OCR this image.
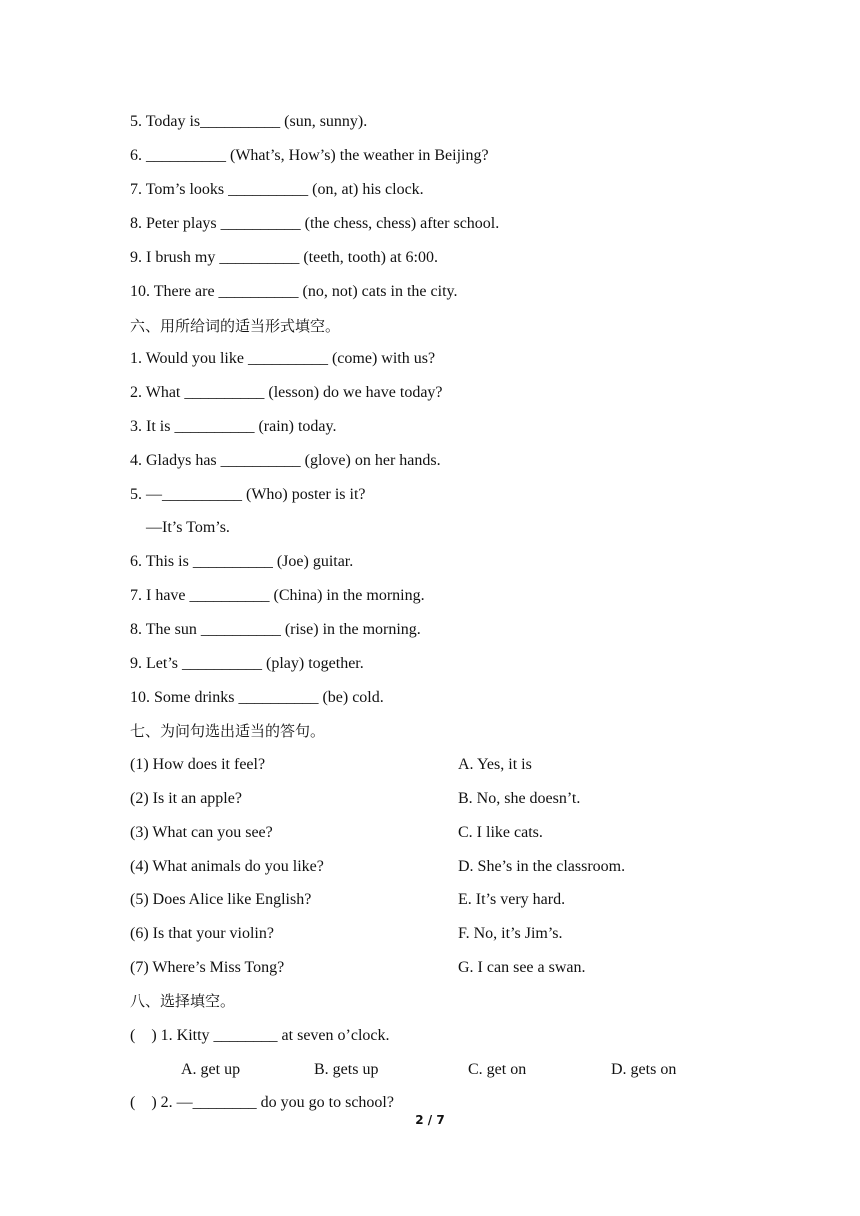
5. Today is__________ (sun, sunny).
6. __________ (What’s, How’s) the weather in Beijing?
7. Tom’s looks __________ (on, at) his clock.
8. Peter plays __________ (the chess, chess) after school.
9. I brush my __________ (teeth, tooth) at 6:00.
10. There are __________ (no, not) cats in the city.
六、用所给词的适当形式填空。
1. Would you like __________ (come) with us?
2. What __________ (lesson) do we have today?
3. It is __________ (rain) today.
4. Gladys has __________ (glove) on her hands.
5. —__________ (Who) poster is it?
—It’s Tom’s.
6. This is __________ (Joe) guitar.
7. I have __________ (China) in the morning.
8. The sun __________ (rise) in the morning.
9. Let’s __________ (play) together.
10. Some drinks __________ (be) cold.
七、为问句选出适当的答句。
(1) How does it feel?	A. Yes, it is
(2) Is it an apple?	B. No, she doesn’t.
(3) What can you see?	C. I like cats.
(4) What animals do you like?	D. She’s in the classroom.
(5) Does Alice like English?	E. It’s very hard.
(6) Is that your violin?	F. No, it’s Jim’s.
(7) Where’s Miss Tong?	G. I can see a swan.
八、选择填空。
(    ) 1. Kitty ________ at seven o’clock.
A. get up	B. gets up	C. get on	D. gets on
(    ) 2. —________ do you go to school?
2 / 7
